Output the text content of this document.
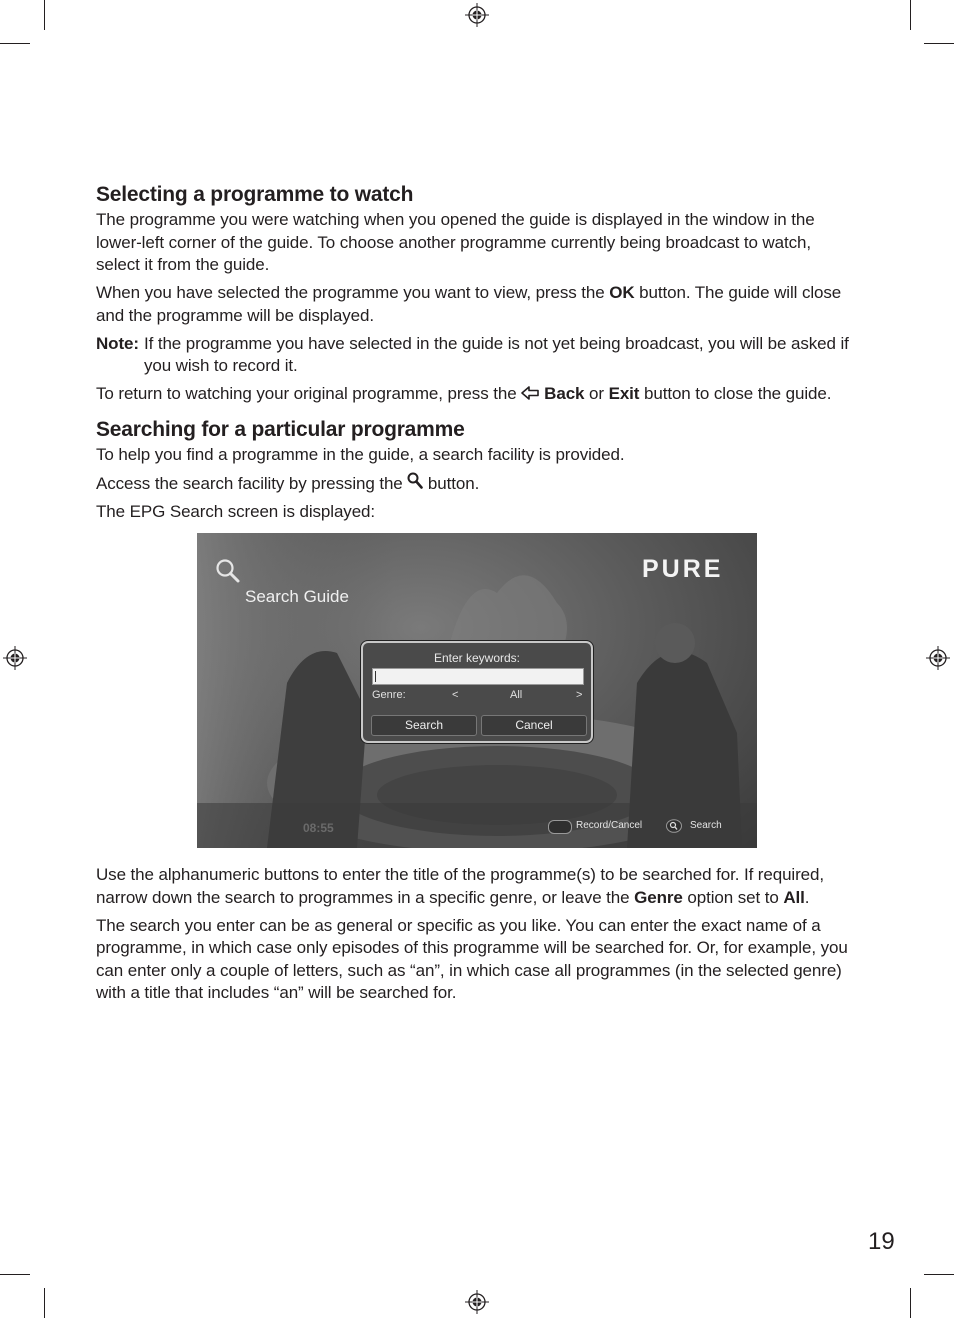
Selecting a programme to watch

The programme you were watching when you opened the guide is displayed in the window in the lower-left corner of the guide. To choose another programme currently being broadcast to watch, select it from the guide.

When you have selected the programme you want to view, press the OK button. The guide will close and the programme will be displayed.

Note: If the programme you have selected in the guide is not yet being broadcast, you will be asked if you wish to record it.

To return to watching your original programme, press the Back or Exit button to close the guide.

Searching for a particular programme

To help you find a programme in the guide, a search facility is provided.

Access the search facility by pressing the  button.

The EPG Search screen is displayed:

Search Guide
PURE
Enter keywords:
Genre:	<	All	>
Search	Cancel
08:55	Record/Cancel	Search

Use the alphanumeric buttons to enter the title of the programme(s) to be searched for. If required, narrow down the search to programmes in a specific genre, or leave the Genre option set to All.

The search you enter can be as general or specific as you like. You can enter the exact name of a programme, in which case only episodes of this programme will be searched for. Or, for example, you can enter only a couple of letters, such as “an”, in which case all programmes (in the selected genre) with a title that includes “an” will be searched for.

19
